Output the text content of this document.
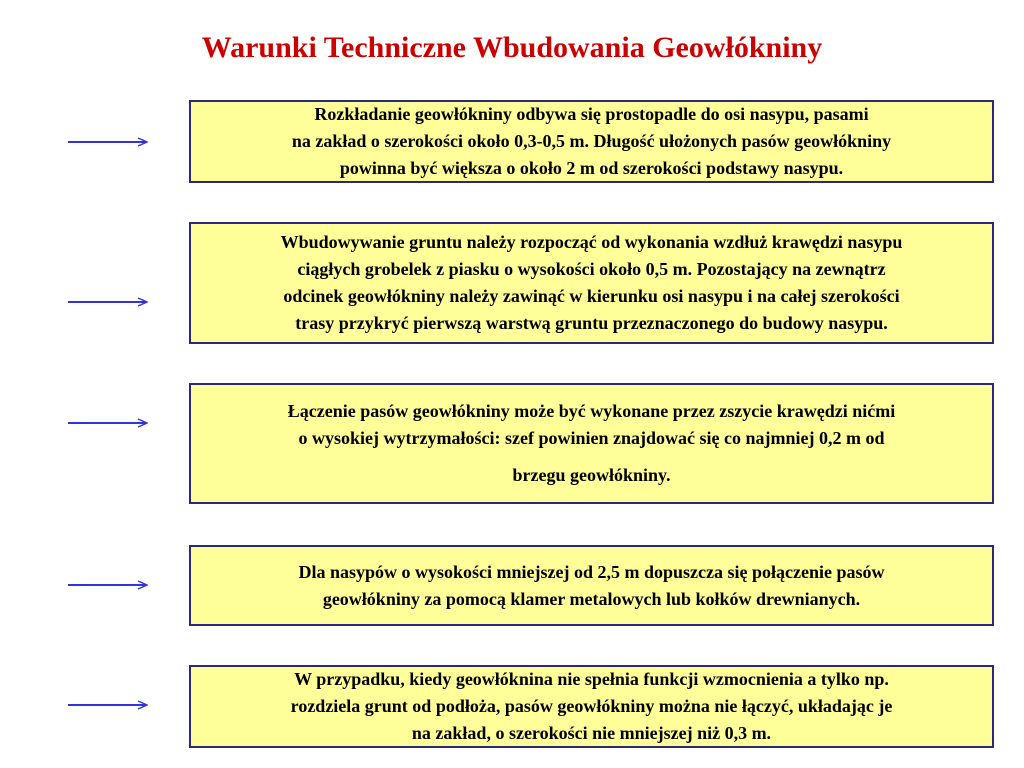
Warunki Techniczne Wbudowania Geowłókniny
Rozkładanie geowłókniny odbywa się prostopadle do osi nasypu, pasami
na zakład o szerokości około 0,3-0,5 m. Długość ułożonych pasów geowłókniny
powinna być większa o około 2 m od szerokości podstawy nasypu.
Wbudowywanie gruntu należy rozpocząć od wykonania wzdłuż krawędzi nasypu
ciągłych grobelek z piasku o wysokości około 0,5 m. Pozostający na zewnątrz
odcinek geowłókniny należy zawinąć w kierunku osi nasypu i na całej szerokości
trasy przykryć pierwszą warstwą gruntu przeznaczonego do budowy nasypu.
Łączenie pasów geowłókniny może być wykonane przez zszycie krawędzi nićmi
o wysokiej wytrzymałości: szef powinien znajdować się co najmniej 0,2 m od
brzegu geowłókniny.
Dla nasypów o wysokości mniejszej od 2,5 m dopuszcza się połączenie pasów
geowłókniny za pomocą klamer metalowych lub kołków drewnianych.
W przypadku, kiedy geowłóknina nie spełnia funkcji wzmocnienia a tylko np.
rozdziela grunt od podłoża, pasów geowłókniny można nie łączyć, układając je
na zakład, o szerokości nie mniejszej niż 0,3 m.
